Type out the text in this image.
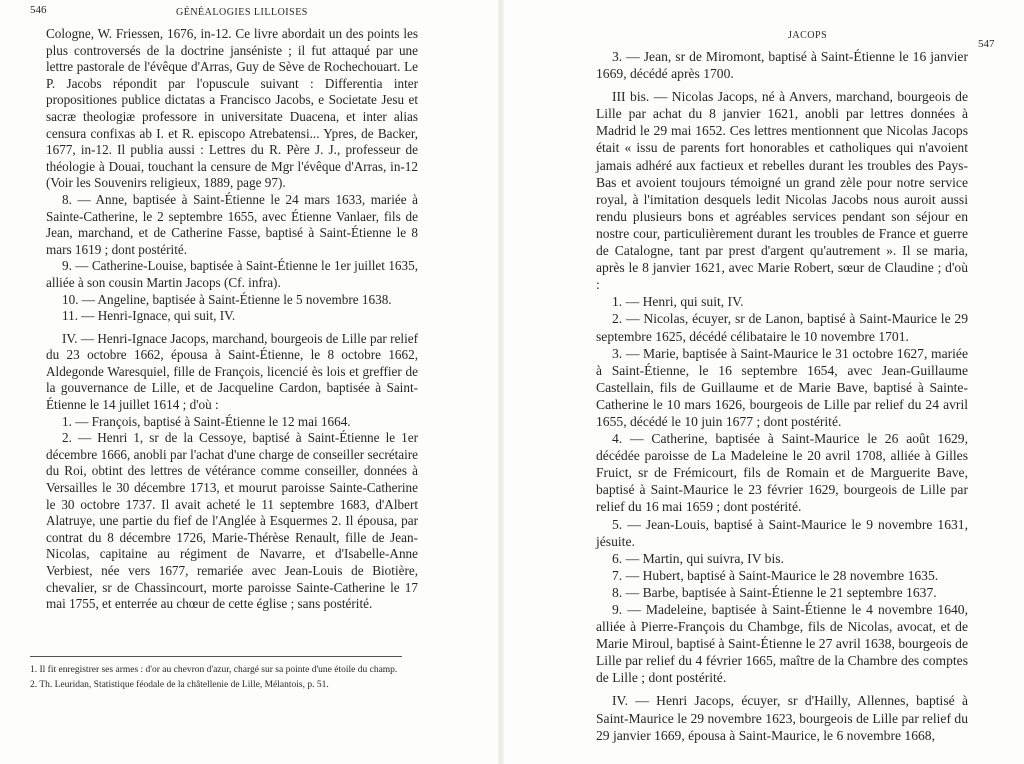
546	GÉNÉALOGIES LILLOISES

Cologne, W. Friessen, 1676, in-12. Ce livre abordait un des points les plus controversés de la doctrine janséniste ; il fut attaqué par une lettre pastorale de l'évêque d'Arras, Guy de Sève de Rochechouart. Le P. Jacobs répondit par l'opuscule suivant : Differentia inter propositiones publice dictatas a Francisco Jacobs, e Societate Jesu et sacræ theologiæ professore in universitate Duacena, et inter alias censura confixas ab I. et R. episcopo Atrebatensi... Ypres, de Backer, 1677, in-12. Il publia aussi : Lettres du R. Père J. J., professeur de théologie à Douai, touchant la censure de Mgr l'évêque d'Arras, in-12 (Voir les Souvenirs religieux, 1889, page 97).

8. — Anne, baptisée à Saint-Étienne le 24 mars 1633, mariée à Sainte-Catherine, le 2 septembre 1655, avec Étienne Vanlaer, fils de Jean, marchand, et de Catherine Fasse, baptisé à Saint-Étienne le 8 mars 1619 ; dont postérité.

9. — Catherine-Louise, baptisée à Saint-Étienne le 1er juillet 1635, alliée à son cousin Martin Jacops (Cf. infra).

10. — Angeline, baptisée à Saint-Étienne le 5 novembre 1638.

11. — Henri-Ignace, qui suit, IV.

IV. — Henri-Ignace Jacops, marchand, bourgeois de Lille par relief du 23 octobre 1662, épousa à Saint-Étienne, le 8 octobre 1662, Aldegonde Waresquiel, fille de François, licencié ès lois et greffier de la gouvernance de Lille, et de Jacqueline Cardon, baptisée à Saint-Étienne le 14 juillet 1614 ; d'où :

1. — François, baptisé à Saint-Étienne le 12 mai 1664.

2. — Henri 1, sr de la Cessoye, baptisé à Saint-Étienne le 1er décembre 1666, anobli par l'achat d'une charge de conseiller secrétaire du Roi, obtint des lettres de vétérance comme conseiller, données à Versailles le 30 décembre 1713, et mourut paroisse Sainte-Catherine le 30 octobre 1737. Il avait acheté le 11 septembre 1683, d'Albert Alatruye, une partie du fief de l'Anglée à Esquermes 2. Il épousa, par contrat du 8 décembre 1726, Marie-Thérèse Renault, fille de Jean-Nicolas, capitaine au régiment de Navarre, et d'Isabelle-Anne Verbiest, née vers 1677, remariée avec Jean-Louis de Biotière, chevalier, sr de Chassincourt, morte paroisse Sainte-Catherine le 17 mai 1755, et enterrée au chœur de cette église ; sans postérité.

1. Il fit enregistrer ses armes : d'or au chevron d'azur, chargé sur sa pointe d'une étoile du champ.

2. Th. Leuridan, Statistique féodale de la châtellenie de Lille, Mélantois, p. 51.

JACOPS
547

3. — Jean, sr de Miromont, baptisé à Saint-Étienne le 16 janvier 1669, décédé après 1700.

III bis. — Nicolas Jacops, né à Anvers, marchand, bourgeois de Lille par achat du 8 janvier 1621, anobli par lettres données à Madrid le 29 mai 1652. Ces lettres mentionnent que Nicolas Jacops était « issu de parents fort honorables et catholiques qui n'avoient jamais adhéré aux factieux et rebelles durant les troubles des Pays-Bas et avoient toujours témoigné un grand zèle pour notre service royal, à l'imitation desquels ledit Nicolas Jacobs nous auroit aussi rendu plusieurs bons et agréables services pendant son séjour en nostre cour, particulièrement durant les troubles de France et guerre de Catalogne, tant par prest d'argent qu'autrement ». Il se maria, après le 8 janvier 1621, avec Marie Robert, sœur de Claudine ; d'où :

1. — Henri, qui suit, IV.

2. — Nicolas, écuyer, sr de Lanon, baptisé à Saint-Maurice le 29 septembre 1625, décédé célibataire le 10 novembre 1701.

3. — Marie, baptisée à Saint-Maurice le 31 octobre 1627, mariée à Saint-Étienne, le 16 septembre 1654, avec Jean-Guillaume Castellain, fils de Guillaume et de Marie Bave, baptisé à Sainte-Catherine le 10 mars 1626, bourgeois de Lille par relief du 24 avril 1655, décédé le 10 juin 1677 ; dont postérité.

4. — Catherine, baptisée à Saint-Maurice le 26 août 1629, décédée paroisse de La Madeleine le 20 avril 1708, alliée à Gilles Fruict, sr de Frémicourt, fils de Romain et de Marguerite Bave, baptisé à Saint-Maurice le 23 février 1629, bourgeois de Lille par relief du 16 mai 1659 ; dont postérité.

5. — Jean-Louis, baptisé à Saint-Maurice le 9 novembre 1631, jésuite.

6. — Martin, qui suivra, IV bis.

7. — Hubert, baptisé à Saint-Maurice le 28 novembre 1635.

8. — Barbe, baptisée à Saint-Étienne le 21 septembre 1637.

9. — Madeleine, baptisée à Saint-Étienne le 4 novembre 1640, alliée à Pierre-François du Chambge, fils de Nicolas, avocat, et de Marie Miroul, baptisé à Saint-Étienne le 27 avril 1638, bourgeois de Lille par relief du 4 février 1665, maître de la Chambre des comptes de Lille ; dont postérité.

IV. — Henri Jacops, écuyer, sr d'Hailly, Allennes, baptisé à Saint-Maurice le 29 novembre 1623, bourgeois de Lille par relief du 29 janvier 1669, épousa à Saint-Maurice, le 6 novembre 1668,
